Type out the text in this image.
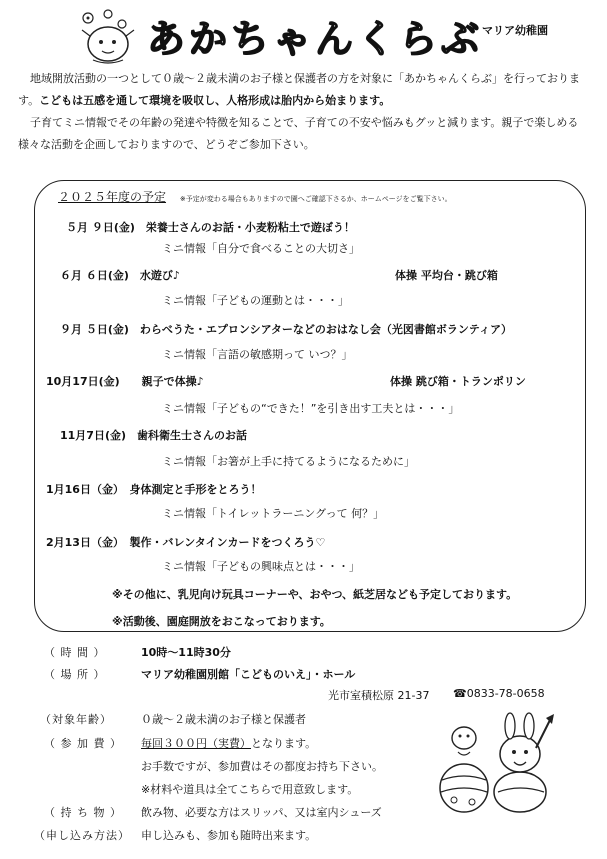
あかちゃんくらぶ
マリア幼稚園

地域開放活動の一つとして０歳〜２歳未満のお子様と保護者の方を対象に「あかちゃんくらぶ」を行っております。こどもは五感を通して環境を吸収し、人格形成は胎内から始まります。

子育てミニ情報でその年齢の発達や特徴を知ることで、子育ての不安や悩みもグッと減ります。親子で楽しめる様々な活動を企画しておりますので、どうぞご参加下さい。

２０２５年度の予定 ※予定が変わる場合もありますので園へご確認下さるか、ホームページをご覧下さい。
５月 ９日(金)　 栄養士さんのお話・小麦粉粘土で遊ぼう！
ミニ情報「自分で食べることの大切さ」
６月 ６日(金)　 水遊び♪	体操 平均台・跳び箱
ミニ情報「子どもの運動とは・・・」
９月 ５日(金)　 わらべうた・エプロンシアターなどのおはなし会（光図書館ボランティア）
ミニ情報「言語の敏感期って いつ？」
10月17日(金)　　 親子で体操♪	体操 跳び箱・トランポリン
ミニ情報「子どもの“できた！”を引き出す工夫とは・・・」
11月7日(金)　 歯科衛生士さんのお話
ミニ情報「お箸が上手に持てるようになるために」
1月16日（金）　 身体測定と手形をとろう！
ミニ情報「トイレットラーニングって 何？」
2月13日（金）　 製作・バレンタインカードをつくろう♡
ミニ情報「子どもの興味点とは・・・」
※その他に、乳児向け玩具コーナーや、おやつ、紙芝居なども予定しております。
※活動後、園庭開放をおこなっております。
（ 時 間 ）	10時〜11時30分
（ 場 所 ）	マリア幼稚園別館「こどものいえ」・ホール
光市室積松原 21-37 ☎0833-78-0658
（対象年齢）	０歳〜２歳未満のお子様と保護者
（ 参 加 費 ） 毎回３００円（実費）となります。
お手数ですが、参加費はその都度お持ち下さい。
※材料や道具は全てこちらで用意致します。
（ 持 ち 物 ） 飲み物、必要な方はスリッパ、又は室内シューズ
（申し込み方法） 申し込みも、参加も随時出来ます。
